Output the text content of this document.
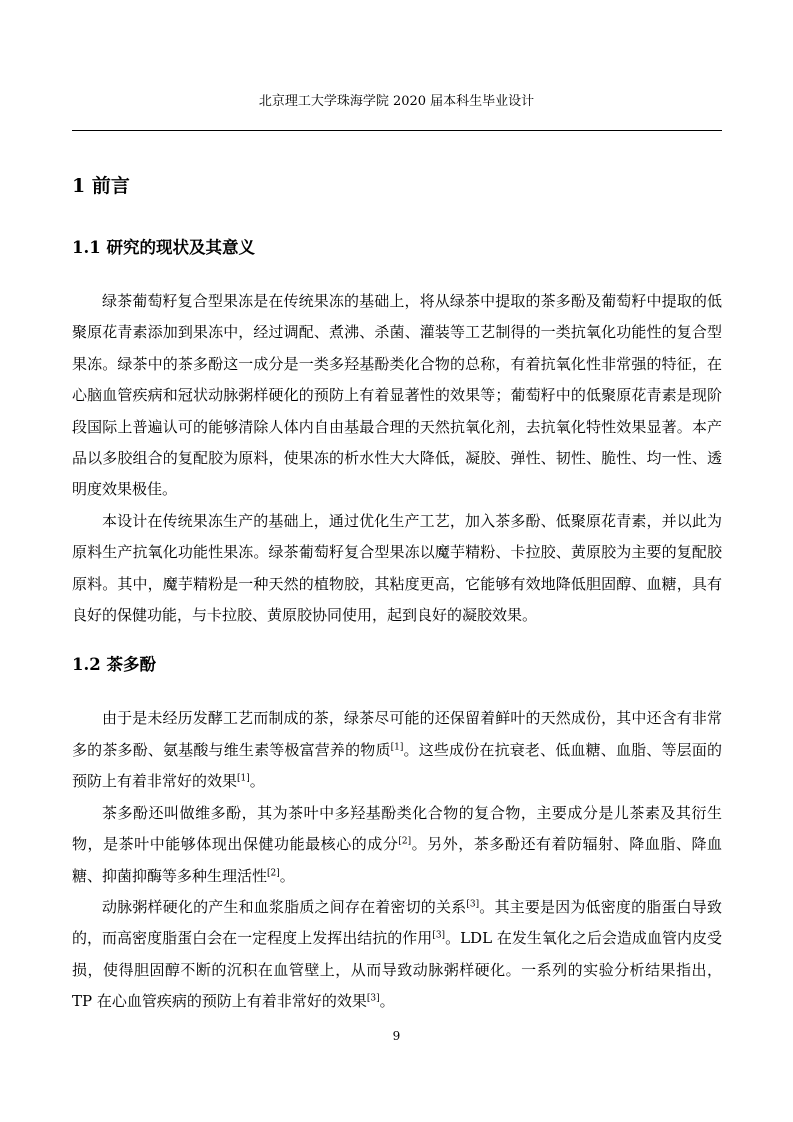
北京理工大学珠海学院 2020 届本科生毕业设计
1 前言
1.1 研究的现状及其意义

绿茶葡萄籽复合型果冻是在传统果冻的基础上，将从绿茶中提取的茶多酚及葡萄籽中提取的低聚原花青素添加到果冻中，经过调配、煮沸、杀菌、灌装等工艺制得的一类抗氧化功能性的复合型果冻。绿茶中的茶多酚这一成分是一类多羟基酚类化合物的总称，有着抗氧化性非常强的特征，在心脑血管疾病和冠状动脉粥样硬化的预防上有着显著性的效果等；葡萄籽中的低聚原花青素是现阶段国际上普遍认可的能够清除人体内自由基最合理的天然抗氧化剂，去抗氧化特性效果显著。本产品以多胶组合的复配胶为原料，使果冻的析水性大大降低，凝胶、弹性、韧性、脆性、均一性、透明度效果极佳。

本设计在传统果冻生产的基础上，通过优化生产工艺，加入茶多酚、低聚原花青素，并以此为原料生产抗氧化功能性果冻。绿茶葡萄籽复合型果冻以魔芋精粉、卡拉胶、黄原胶为主要的复配胶原料。其中，魔芋精粉是一种天然的植物胶，其粘度更高，它能够有效地降低胆固醇、血糖，具有良好的保健功能，与卡拉胶、黄原胶协同使用，起到良好的凝胶效果。

1.2 茶多酚

由于是未经历发酵工艺而制成的茶，绿茶尽可能的还保留着鲜叶的天然成份，其中还含有非常多的茶多酚、氨基酸与维生素等极富营养的物质[1]。这些成份在抗衰老、低血糖、血脂、等层面的预防上有着非常好的效果[1]。

茶多酚还叫做维多酚，其为茶叶中多羟基酚类化合物的复合物，主要成分是儿茶素及其衍生物，是茶叶中能够体现出保健功能最核心的成分[2]。另外，茶多酚还有着防辐射、降血脂、降血糖、抑菌抑酶等多种生理活性[2]。

动脉粥样硬化的产生和血浆脂质之间存在着密切的关系[3]。其主要是因为低密度的脂蛋白导致的，而高密度脂蛋白会在一定程度上发挥出结抗的作用[3]。LDL 在发生氧化之后会造成血管内皮受损，使得胆固醇不断的沉积在血管壁上，从而导致动脉粥样硬化。一系列的实验分析结果指出，TP 在心血管疾病的预防上有着非常好的效果[3]。

9
